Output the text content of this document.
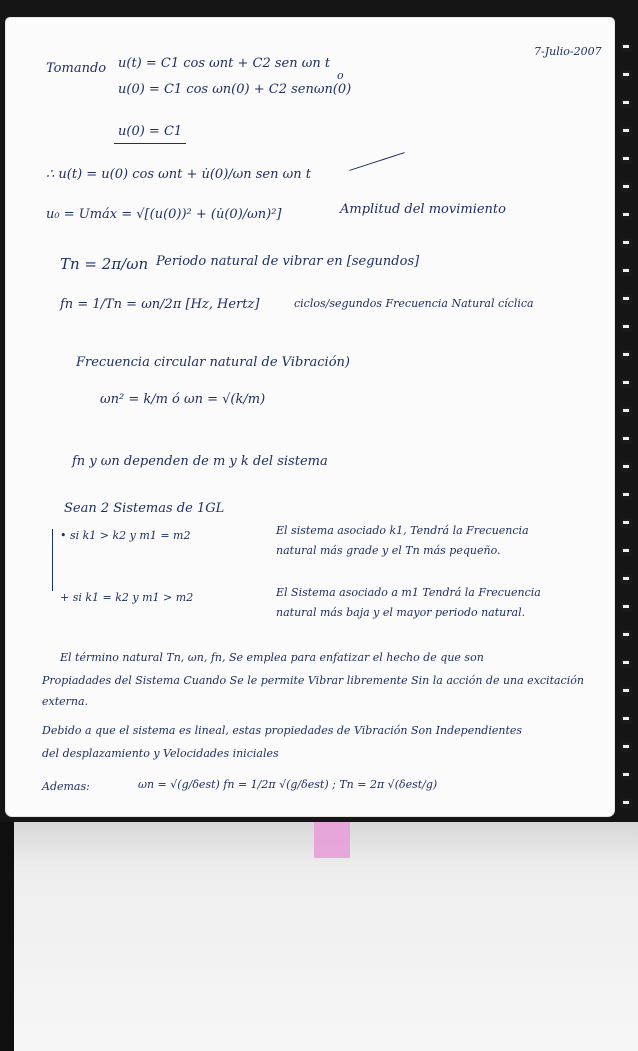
7-Julio-2007
Tomando u(t) = C1 cos ωnt + C2 sen ωn t
u(0) = C1 cos ωn(0) + C2 senωn(0)
o
u(0) = C1
∴ u(t) = u(0) cos ωnt + u̇(0)/ωn sen ωn t
u₀ = Umáx = √[(u(0))² + (u̇(0)/ωn)²]	Amplitud del movimiento
Tn = 2π/ωn Periodo natural de vibrar en [segundos]
fn = 1/Tn = ωn/2π [Hz, Hertz]	ciclos/segundos Frecuencia Natural cíclica
Frecuencia circular natural de Vibración)
ωn² = k/m ó ωn = √(k/m)
fn y ωn dependen de m y k del sistema
Sean 2 Sistemas de 1GL
• si k1 > k2 y m1 = m2	El sistema asociado k1, Tendrá la Frecuencia
natural más grade y el Tn más pequeño.
+ si k1 = k2 y m1 > m2	El Sistema asociado a m1 Tendrá la Frecuencia
natural más baja y el mayor periodo natural.
El término natural Tn, ωn, fn, Se emplea para enfatizar el hecho de que son
Propiadades del Sistema Cuando Se le permite Vibrar libremente Sin la acción de una excitación
externa.
Debido a que el sistema es lineal, estas propiedades de Vibración Son Independientes
del desplazamiento y Velocidades iniciales
Ademas:	ωn = √(g/δest) fn = 1/2π √(g/δest) ; Tn = 2π √(δest/g)
